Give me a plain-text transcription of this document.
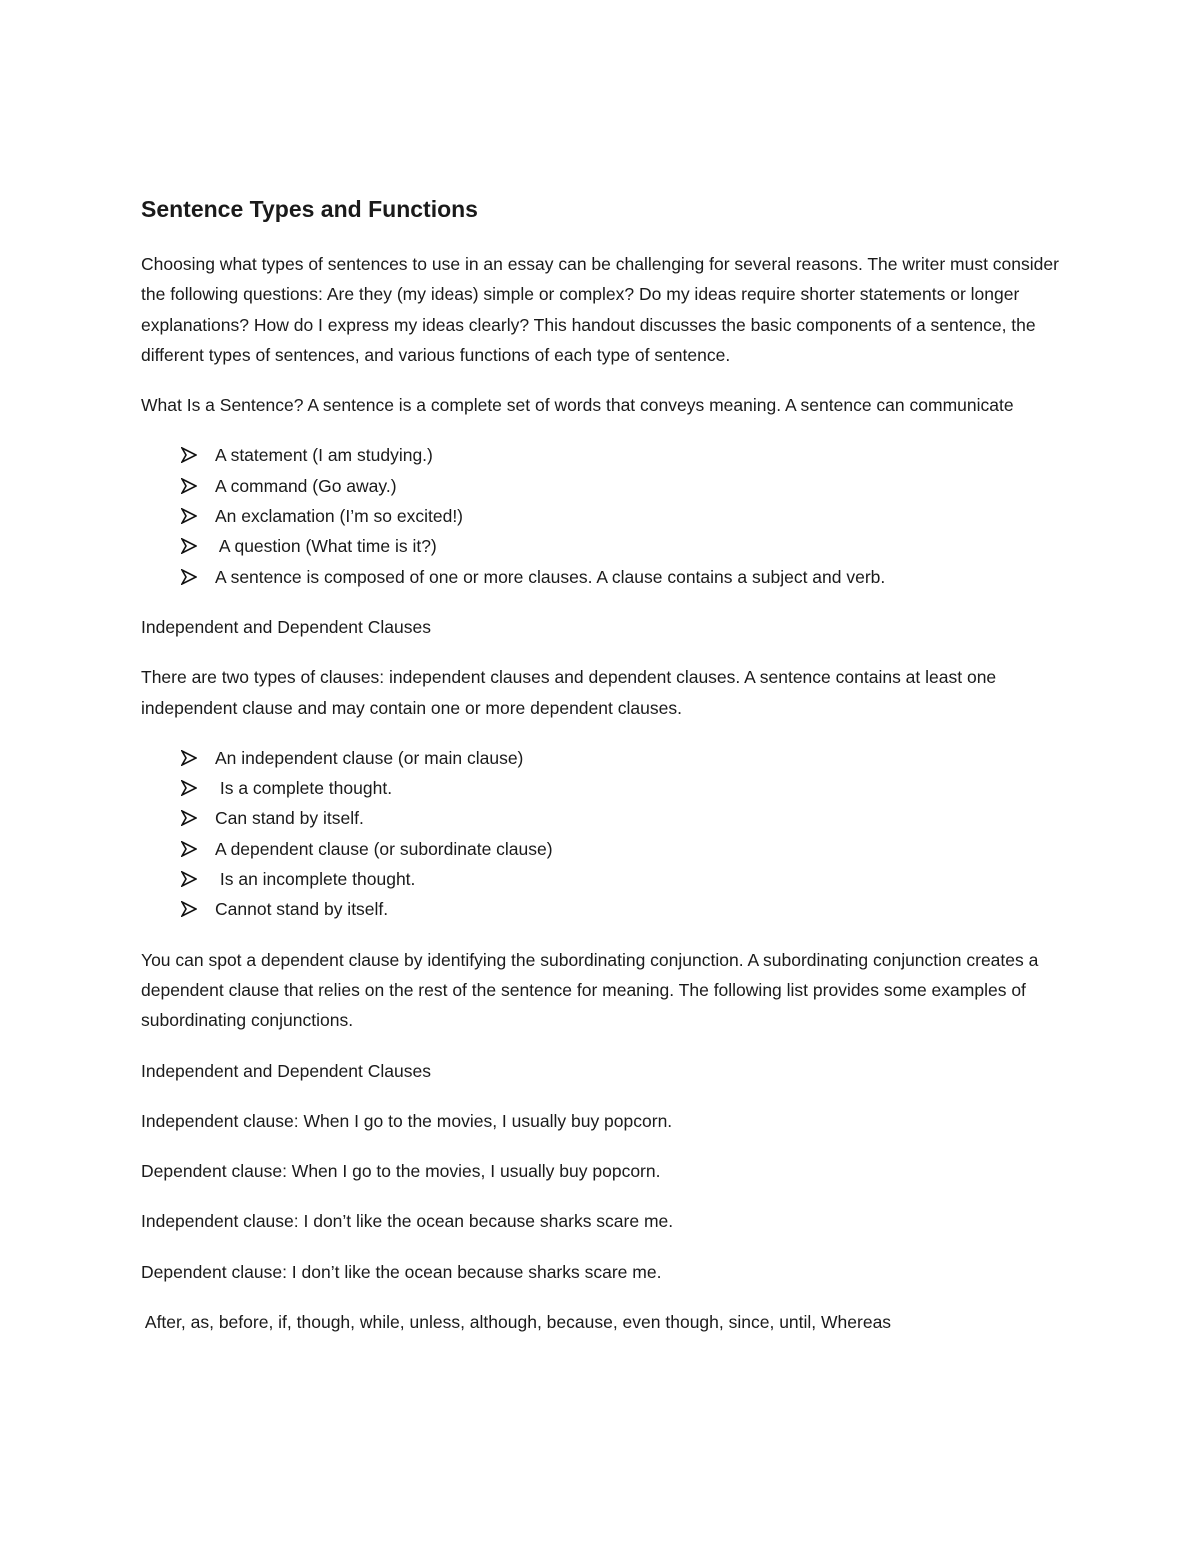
Sentence Types and Functions

Choosing what types of sentences to use in an essay can be challenging for several reasons. The writer must consider the following questions: Are they (my ideas) simple or complex? Do my ideas require shorter statements or longer explanations? How do I express my ideas clearly? This handout discusses the basic components of a sentence, the different types of sentences, and various functions of each type of sentence.

What Is a Sentence? A sentence is a complete set of words that conveys meaning. A sentence can communicate

A statement (I am studying.)
A command (Go away.)
An exclamation (I’m so excited!)
A question (What time is it?)
A sentence is composed of one or more clauses. A clause contains a subject and verb.

Independent and Dependent Clauses

There are two types of clauses: independent clauses and dependent clauses. A sentence contains at least one independent clause and may contain one or more dependent clauses.

An independent clause (or main clause)
Is a complete thought.
Can stand by itself.
A dependent clause (or subordinate clause)
Is an incomplete thought.
Cannot stand by itself.

You can spot a dependent clause by identifying the subordinating conjunction. A subordinating conjunction creates a dependent clause that relies on the rest of the sentence for meaning. The following list provides some examples of subordinating conjunctions.

Independent and Dependent Clauses

Independent clause: When I go to the movies, I usually buy popcorn.

Dependent clause: When I go to the movies, I usually buy popcorn.

Independent clause: I don’t like the ocean because sharks scare me.

Dependent clause: I don’t like the ocean because sharks scare me.

After, as, before, if, though, while, unless, although, because, even though, since, until, Whereas
